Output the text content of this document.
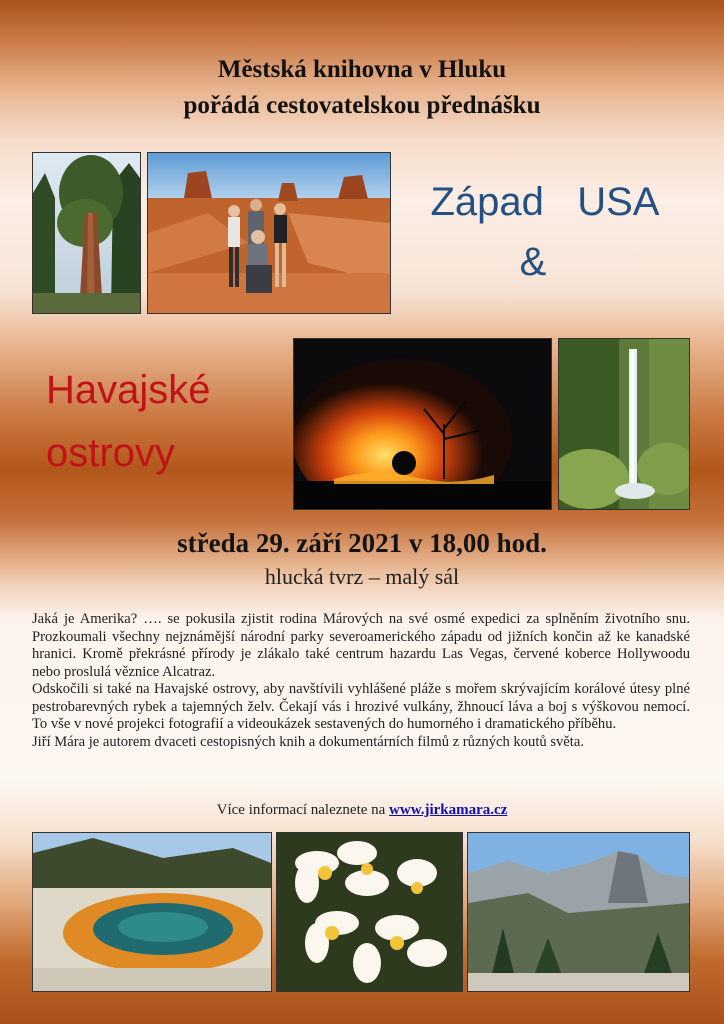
Městská knihovna v Hluku
pořádá cestovatelskou přednášku
Západ   USA
&
Havajské
ostrovy
středa 29. září 2021 v 18,00 hod.
hlucká tvrz – malý sál

Jaká je Amerika? …. se pokusila zjistit rodina Márových na své osmé expedici za splněním životního snu. Prozkoumali všechny nejznámější národní parky severoamerického západu od jižních končin až ke kanadské hranici. Kromě překrásné přírody je zlákalo také centrum hazardu Las Vegas, červené koberce Hollywoodu nebo proslulá věznice Alcatraz.

Odskočili si také na Havajské ostrovy, aby navštívili vyhlášené pláže s mořem skrývajícím korálové útesy plné pestrobarevných rybek a tajemných želv. Čekají vás i hrozivé vulkány, žhnoucí láva a boj s výškovou nemocí. To vše v nové projekci fotografií a videoukázek sestavených do humorného i dramatického příběhu.

Jiří Mára je autorem dvaceti cestopisných knih a dokumentárních filmů z různých koutů světa.

Více informací naleznete na www.jirkamara.cz
